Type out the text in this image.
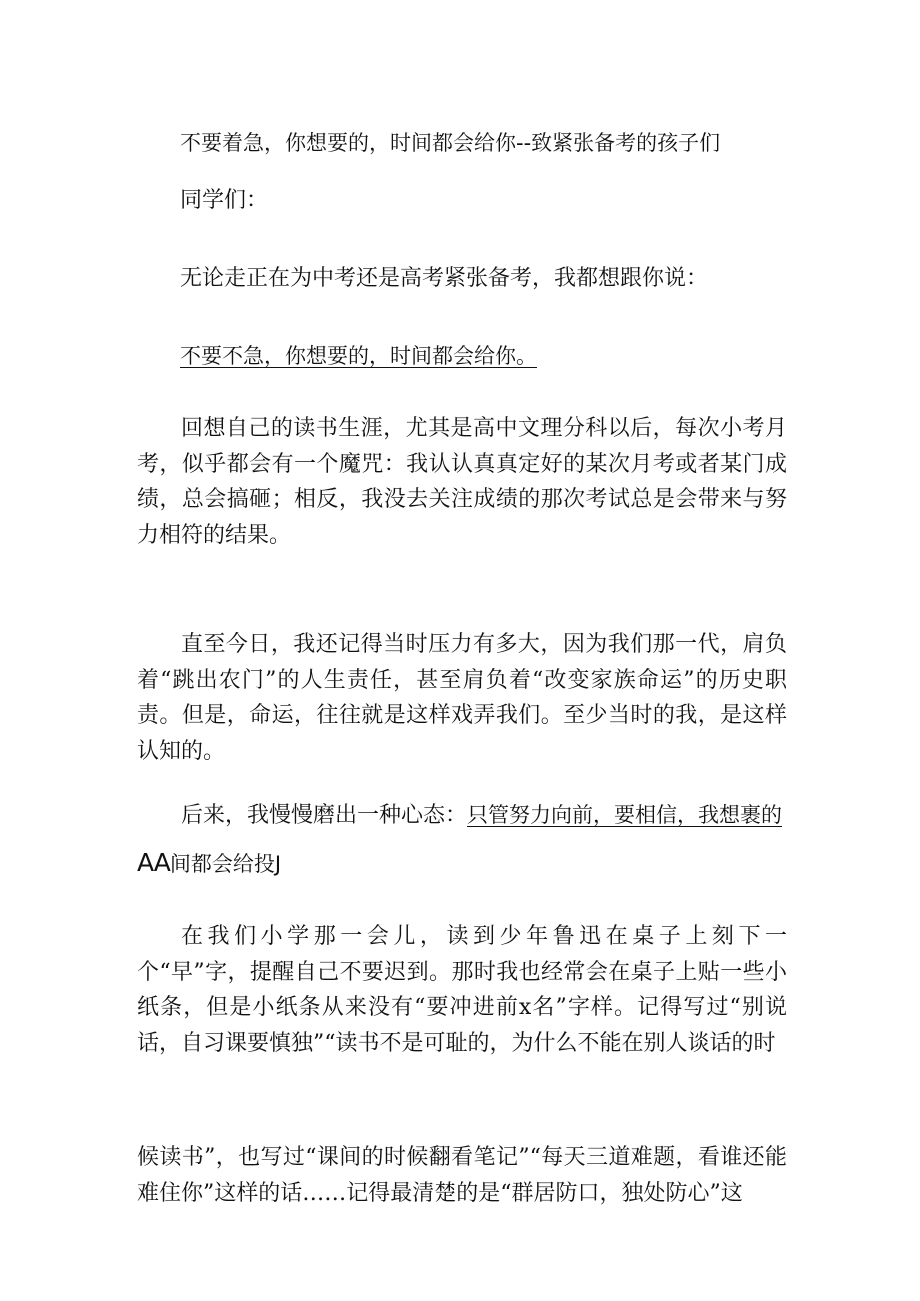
不要着急，你想要的，时间都会给你--致紧张备考的孩子们
同学们：
无论走正在为中考还是高考紧张备考，我都想跟你说：
不要不急，你想要的，时间都会给你。

回想自己的读书生涯，尤其是高中文理分科以后，每次小考月考，似乎都会有一个魔咒：我认认真真定好的某次月考或者某门成绩，总会搞砸；相反，我没去关注成绩的那次考试总是会带来与努力相符的结果。

直至今日，我还记得当时压力有多大，因为我们那一代，肩负着“跳出农门”的人生责任，甚至肩负着“改变家族命运”的历史职责。但是，命运，往往就是这样戏弄我们。至少当时的我，是这样认知的。

后来，我慢慢磨出一种心态：只管努力向前，要相信，我想裹的
AA间都会给投J

在我们小学那一会儿，读到少年鲁迅在桌子上刻下一个“早”字，提醒自己不要迟到。那时我也经常会在桌子上贴一些小纸条，但是小纸条从来没有“要冲进前x名”字样。记得写过“别说话，自习课要慎独”“读书不是可耻的，为什么不能在别人谈话的时

候读书”，也写过“课间的时候翻看笔记”“每天三道难题，看谁还能难住你”这样的话……记得最清楚的是“群居防口，独处防心”这
